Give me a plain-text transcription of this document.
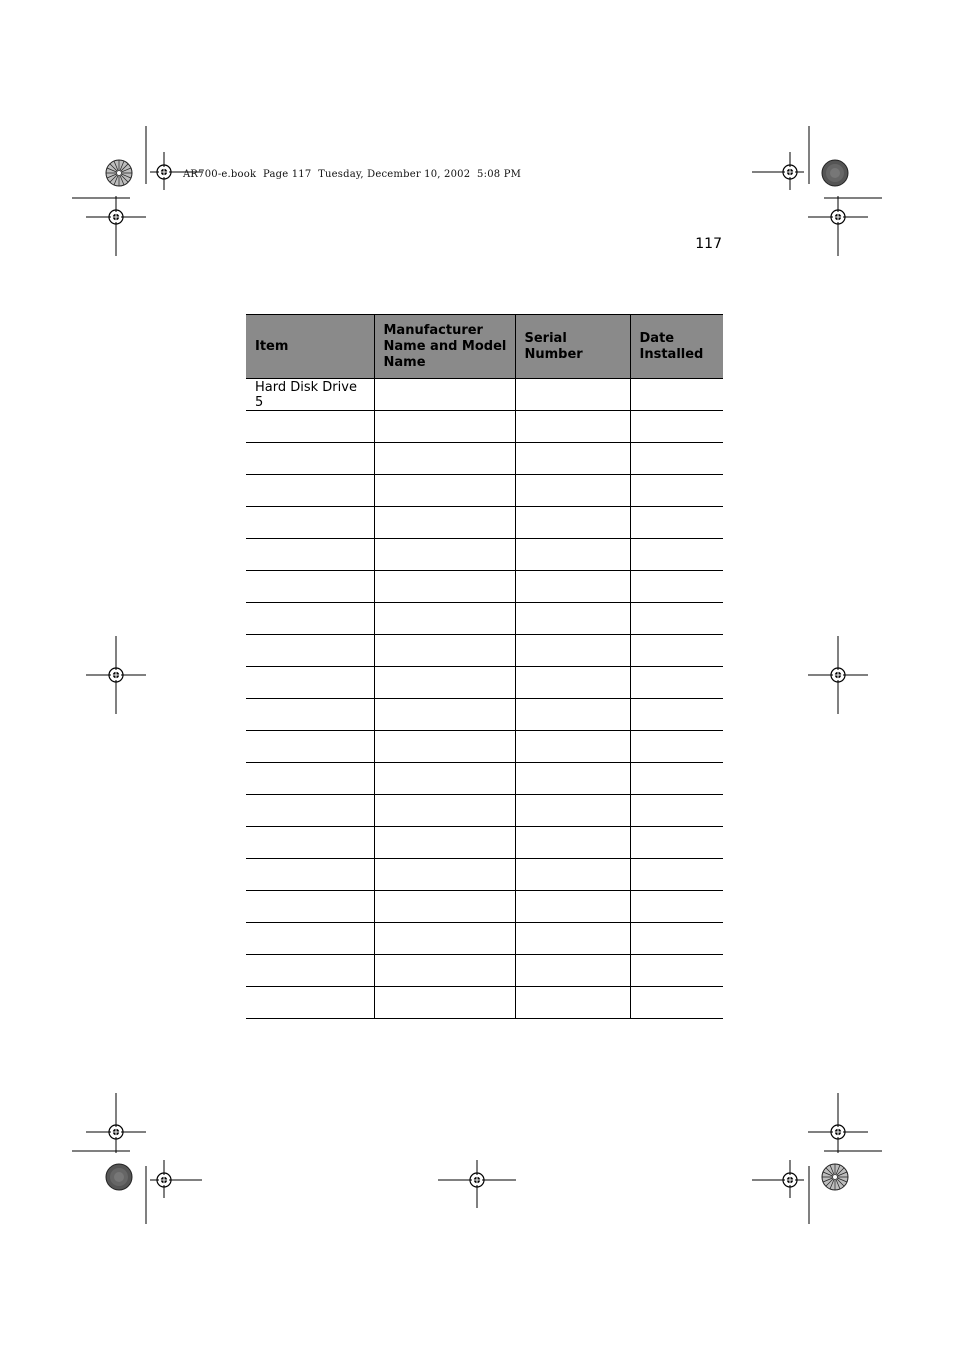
AR700-e.book  Page 117  Tuesday, December 10, 2002  5:08 PM
117
Item	Manufacturer Name and Model Name	Serial Number	Date Installed
Hard Disk Drive 5			
